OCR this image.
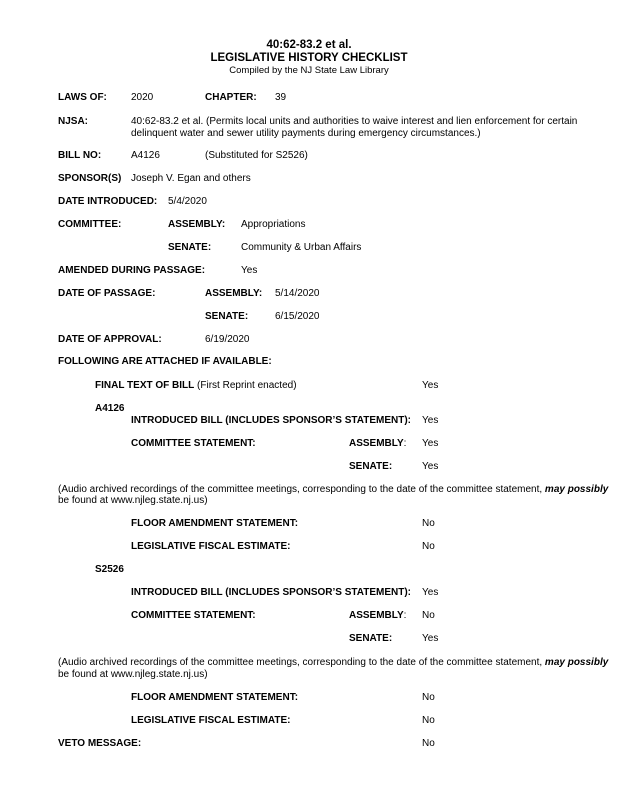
40:62-83.2 et al.
LEGISLATIVE HISTORY CHECKLIST
Compiled by the NJ State Law Library
LAWS OF: 2020	CHAPTER: 39
NJSA:	40:62-83.2 et al. (Permits local units and authorities to waive interest and lien enforcement for certain
delinquent water and sewer utility payments during emergency circumstances.)
BILL NO:	A4126	(Substituted for S2526)
SPONSOR(S) Joseph V. Egan and others
DATE INTRODUCED: 5/4/2020
COMMITTEE:	ASSEMBLY: Appropriations
SENATE:	Community & Urban Affairs
AMENDED DURING PASSAGE:	Yes
DATE OF PASSAGE:	ASSEMBLY: 5/14/2020
SENATE:	6/15/2020
DATE OF APPROVAL:	6/19/2020
FOLLOWING ARE ATTACHED IF AVAILABLE:
FINAL TEXT OF BILL (First Reprint enacted)	Yes
A4126
INTRODUCED BILL (INCLUDES SPONSOR’S STATEMENT): Yes
COMMITTEE STATEMENT:	ASSEMBLY: Yes
SENATE:	Yes
(Audio archived recordings of the committee meetings, corresponding to the date of the committee statement, may possibly
be found at www.njleg.state.nj.us)
FLOOR AMENDMENT STATEMENT:	No
LEGISLATIVE FISCAL ESTIMATE:	No
S2526
INTRODUCED BILL (INCLUDES SPONSOR’S STATEMENT): Yes
COMMITTEE STATEMENT:	ASSEMBLY: No
SENATE:	Yes
(Audio archived recordings of the committee meetings, corresponding to the date of the committee statement, may possibly
be found at www.njleg.state.nj.us)
FLOOR AMENDMENT STATEMENT:	No
LEGISLATIVE FISCAL ESTIMATE:	No
VETO MESSAGE:	No
